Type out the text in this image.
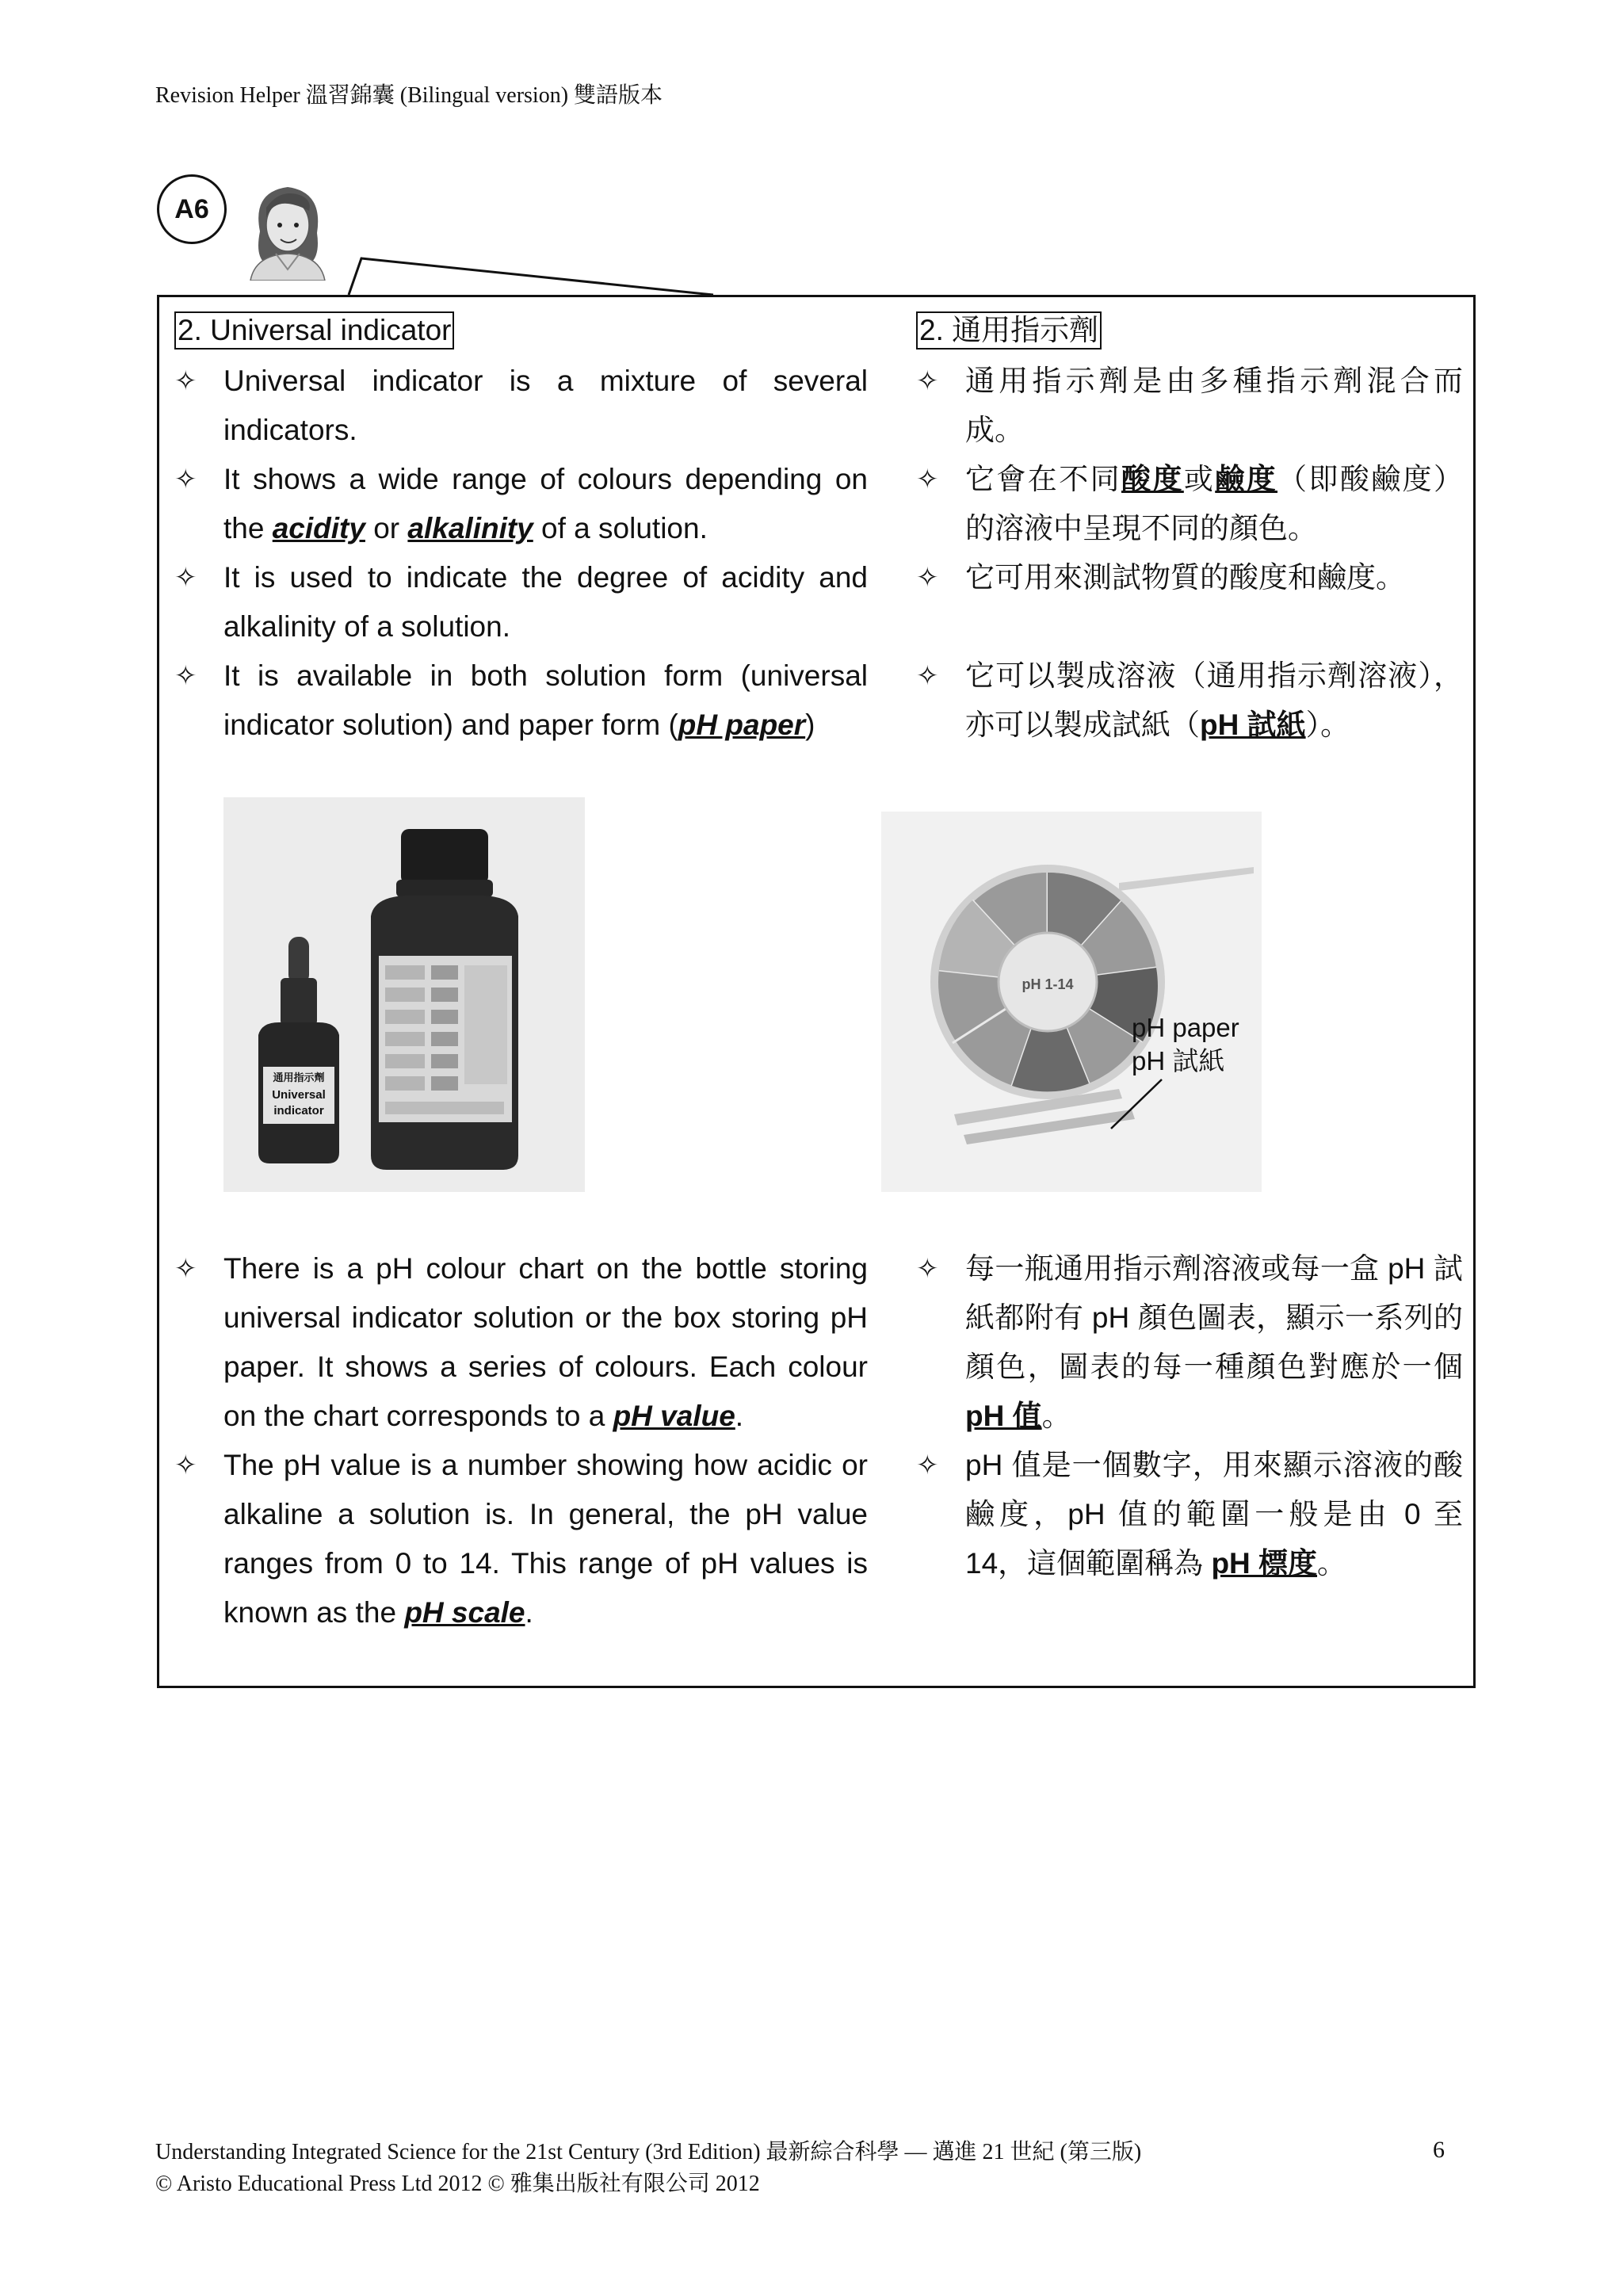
Revision Helper 溫習錦囊 (Bilingual version) 雙語版本
A6
2. Universal indicator
✧ Universal indicator is a mixture of several indicators.
✧ It shows a wide range of colours depending on the acidity or alkalinity of a solution.
✧ It is used to indicate the degree of acidity and alkalinity of a solution.
✧ It is available in both solution form (universal indicator solution) and paper form (pH paper)
2. 通用指示劑
✧ 通用指示劑是由多種指示劑混合而成。
✧ 它會在不同酸度或鹼度（即酸鹼度）的溶液中呈現不同的顏色。
✧ 它可用來測試物質的酸度和鹼度。
✧ 它可以製成溶液（通用指示劑溶液），亦可以製成試紙（pH 試紙）。
通用指示劑
Universal
indicator
pH 1-14
pH paper
pH 試紙
✧ There is a pH colour chart on the bottle storing universal indicator solution or the box storing pH paper. It shows a series of colours. Each colour on the chart corresponds to a pH value.
✧ The pH value is a number showing how acidic or alkaline a solution is. In general, the pH value ranges from 0 to 14. This range of pH values is known as the pH scale.
✧ 每一瓶通用指示劑溶液或每一盒 pH 試紙都附有 pH 顏色圖表，顯示一系列的顏色，圖表的每一種顏色對應於一個 pH 值。
✧ pH 值是一個數字，用來顯示溶液的酸鹼度，pH 值的範圍一般是由 0 至 14，這個範圍稱為 pH 標度。
Understanding Integrated Science for the 21st Century (3rd Edition) 最新綜合科學 — 邁進 21 世紀 (第三版)
© Aristo Educational Press Ltd 2012 © 雅集出版社有限公司 2012
6
